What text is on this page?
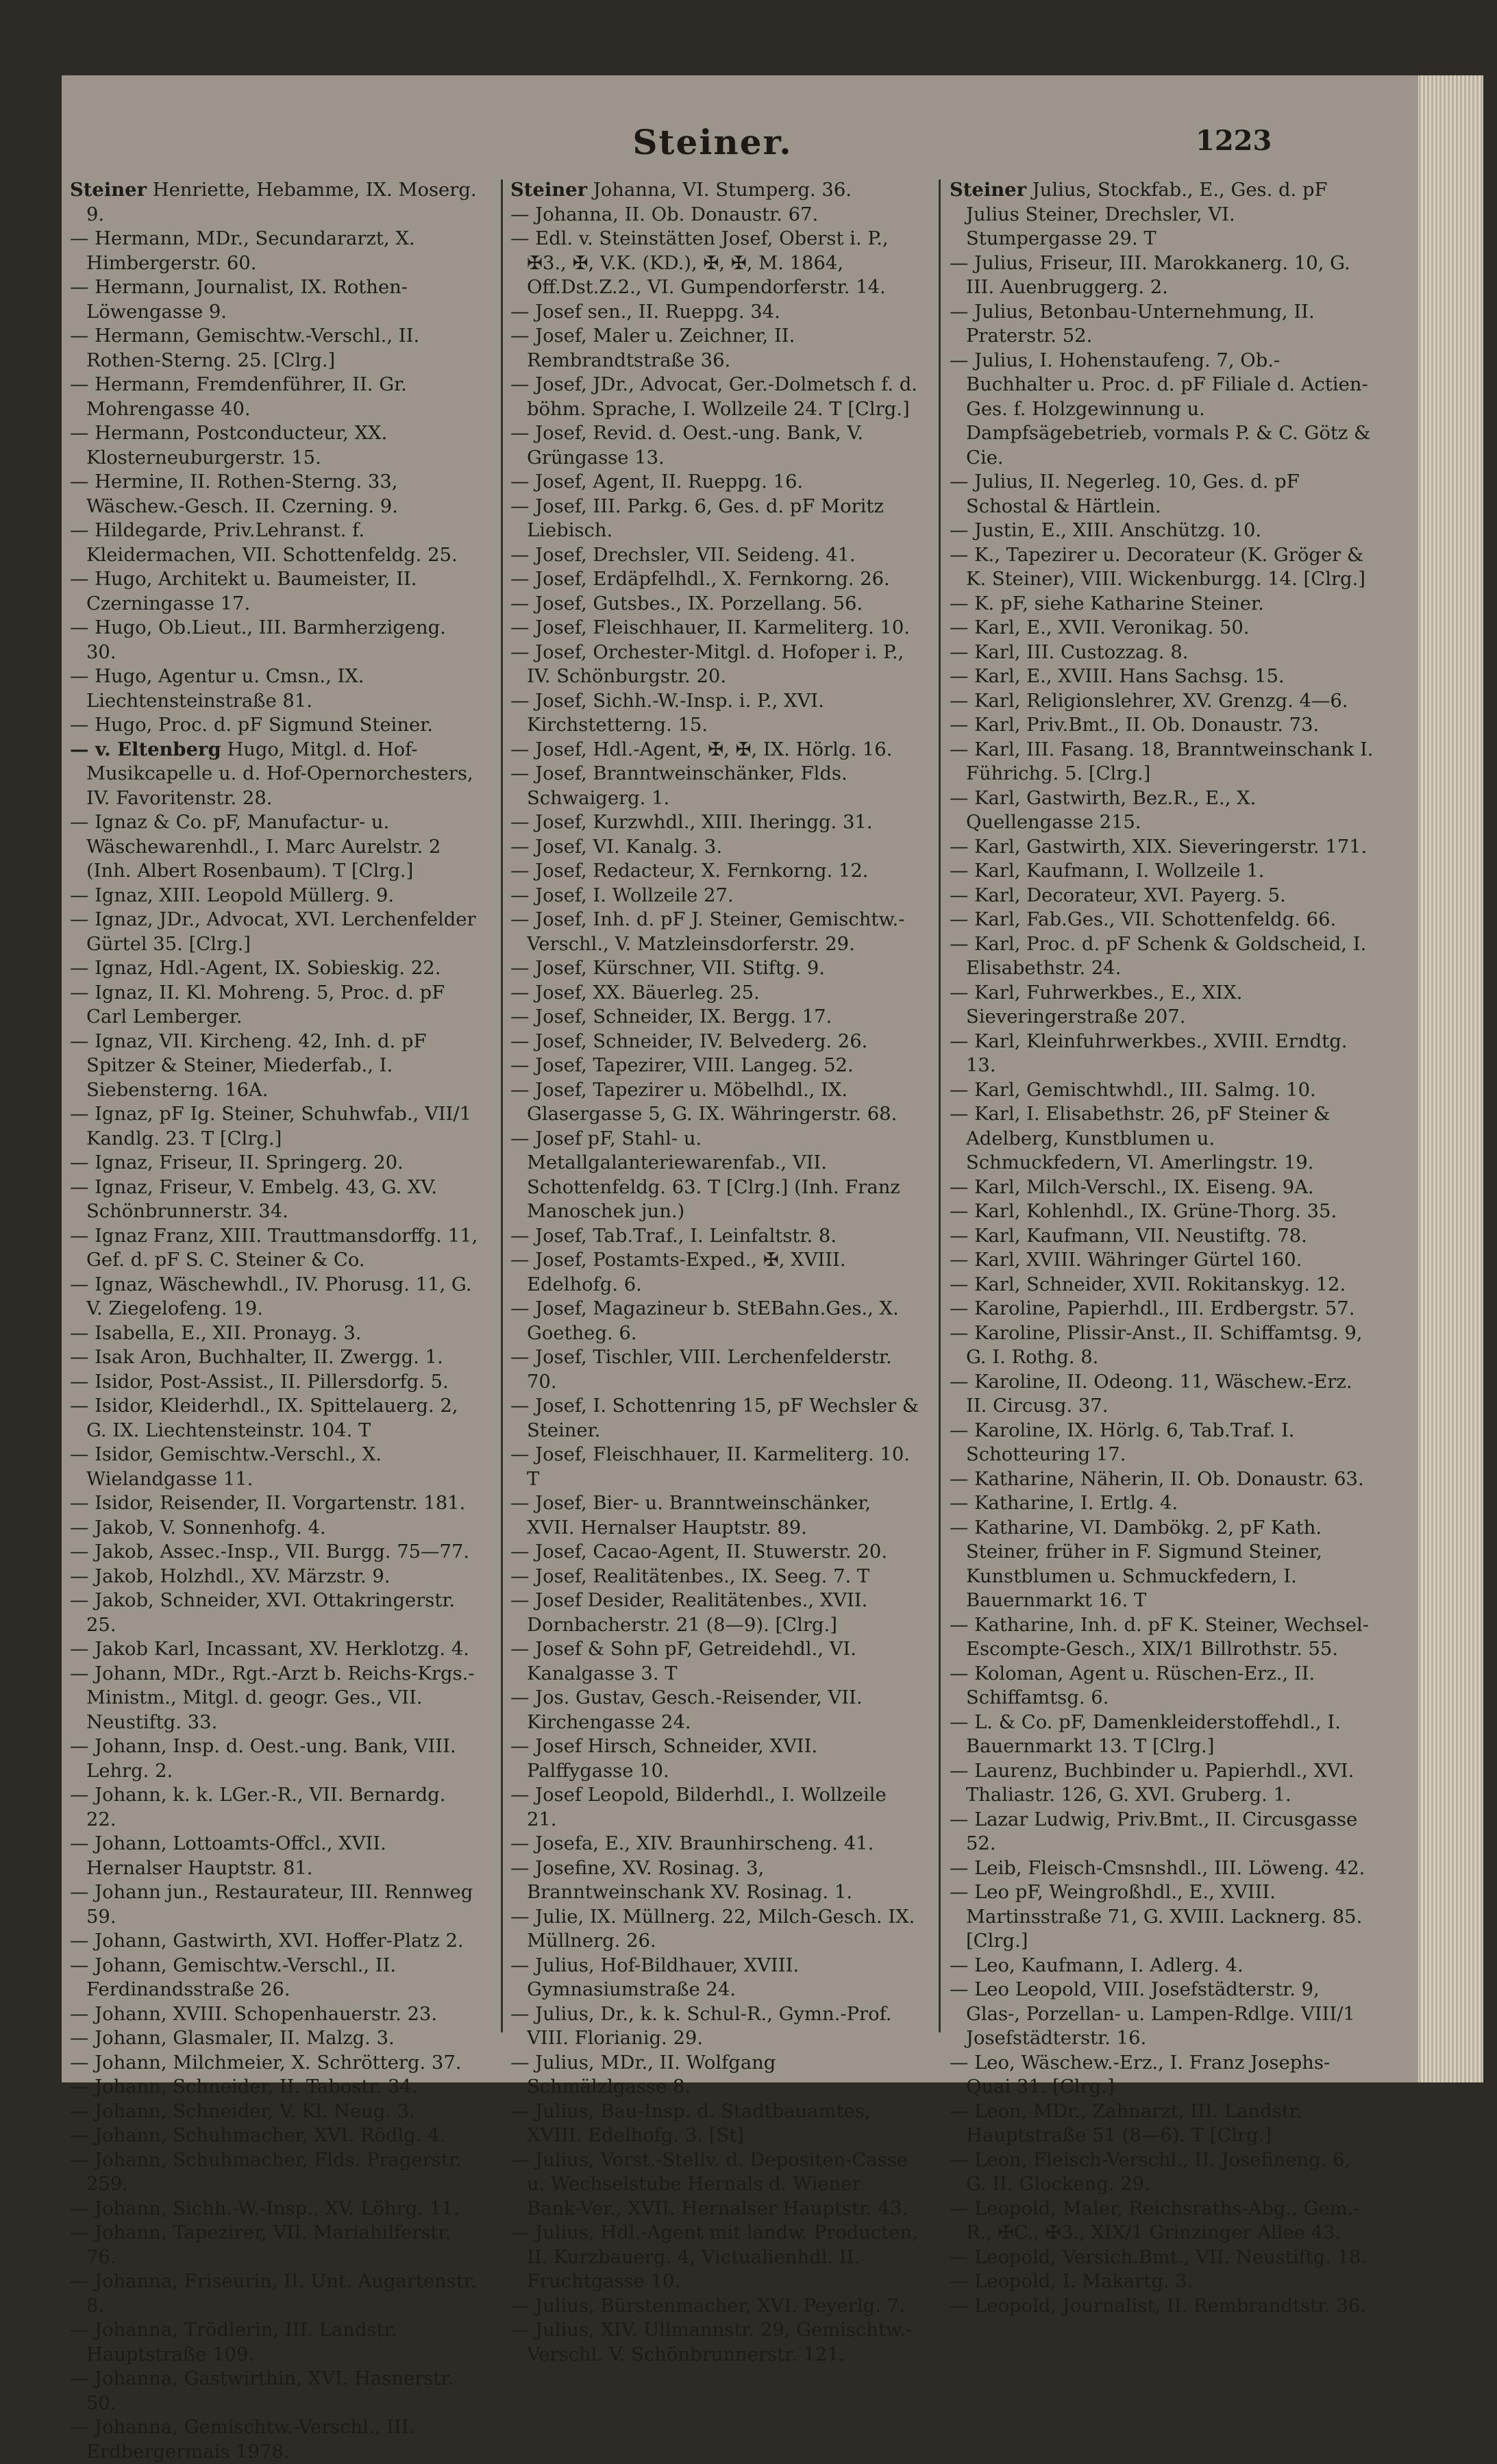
Steiner.	1223

Steiner Henriette, Hebamme, IX. Moserg. 9.

— Hermann, MDr., Secundararzt, X. Himbergerstr. 60.

— Hermann, Journalist, IX. Rothen-Löwengasse 9.

— Hermann, Gemischtw.-Verschl., II. Rothen-Sterng. 25. [Clrg.]

— Hermann, Fremdenführer, II. Gr. Mohrengasse 40.

— Hermann, Postconducteur, XX. Klosterneuburgerstr. 15.

— Hermine, II. Rothen-Sterng. 33, Wäschew.-Gesch. II. Czerning. 9.

— Hildegarde, Priv.Lehranst. f. Kleidermachen, VII. Schottenfeldg. 25.

— Hugo, Architekt u. Baumeister, II. Czerningasse 17.

— Hugo, Ob.Lieut., III. Barmherzigeng. 30.

— Hugo, Agentur u. Cmsn., IX. Liechtensteinstraße 81.

— Hugo, Proc. d. pF Sigmund Steiner.

— v. Eltenberg Hugo, Mitgl. d. Hof-Musikcapelle u. d. Hof-Opernorchesters, IV. Favoritenstr. 28.

— Ignaz & Co. pF, Manufactur- u. Wäschewarenhdl., I. Marc Aurelstr. 2 (Inh. Albert Rosenbaum). T [Clrg.]

— Ignaz, XIII. Leopold Müllerg. 9.

— Ignaz, JDr., Advocat, XVI. Lerchenfelder Gürtel 35. [Clrg.]

— Ignaz, Hdl.-Agent, IX. Sobieskig. 22.

— Ignaz, II. Kl. Mohreng. 5, Proc. d. pF Carl Lemberger.

— Ignaz, VII. Kircheng. 42, Inh. d. pF Spitzer & Steiner, Miederfab., I. Siebensterng. 16A.

— Ignaz, pF Ig. Steiner, Schuhwfab., VII/1 Kandlg. 23. T [Clrg.]

— Ignaz, Friseur, II. Springerg. 20.

— Ignaz, Friseur, V. Embelg. 43, G. XV. Schönbrunnerstr. 34.

— Ignaz Franz, XIII. Trauttmansdorffg. 11, Gef. d. pF S. C. Steiner & Co.

— Ignaz, Wäschewhdl., IV. Phorusg. 11, G. V. Ziegelofeng. 19.

— Isabella, E., XII. Pronayg. 3.

— Isak Aron, Buchhalter, II. Zwergg. 1.

— Isidor, Post-Assist., II. Pillersdorfg. 5.

— Isidor, Kleiderhdl., IX. Spittelauerg. 2, G. IX. Liechtensteinstr. 104. T

— Isidor, Gemischtw.-Verschl., X. Wielandgasse 11.

— Isidor, Reisender, II. Vorgartenstr. 181.

— Jakob, V. Sonnenhofg. 4.

— Jakob, Assec.-Insp., VII. Burgg. 75—77.

— Jakob, Holzhdl., XV. Märzstr. 9.

— Jakob, Schneider, XVI. Ottakringerstr. 25.

— Jakob Karl, Incassant, XV. Herklotzg. 4.

— Johann, MDr., Rgt.-Arzt b. Reichs-Krgs.-Ministm., Mitgl. d. geogr. Ges., VII. Neustiftg. 33.

— Johann, Insp. d. Oest.-ung. Bank, VIII. Lehrg. 2.

— Johann, k. k. LGer.-R., VII. Bernardg. 22.

— Johann, Lottoamts-Offcl., XVII. Hernalser Hauptstr. 81.

— Johann jun., Restaurateur, III. Rennweg 59.

— Johann, Gastwirth, XVI. Hoffer-Platz 2.

— Johann, Gemischtw.-Verschl., II. Ferdinandsstraße 26.

— Johann, XVIII. Schopenhauerstr. 23.

— Johann, Glasmaler, II. Malzg. 3.

— Johann, Milchmeier, X. Schrötterg. 37.

— Johann, Schneider, II. Tabostr. 34.

— Johann, Schneider, V. Kl. Neug. 3.

— Johann, Schuhmacher, XVI. Rödlg. 4.

— Johann, Schuhmacher, Flds. Pragerstr. 259.

— Johann, Sichh.-W.-Insp., XV. Löhrg. 11.

— Johann, Tapezirer, VII. Mariahilferstr. 76.

— Johanna, Friseurin, II. Unt. Augartenstr. 8.

— Johanna, Trödlerin, III. Landstr. Hauptstraße 109.

— Johanna, Gastwirthin, XVI. Hasnerstr. 50.

— Johanna, Gemischtw.-Verschl., III. Erdbergermais 1978.

Steiner Johanna, VI. Stumperg. 36.

— Johanna, II. Ob. Donaustr. 67.

— Edl. v. Steinstätten Josef, Oberst i. P., ✠3., ✠, V.K. (KD.), ✠, ✠, M. 1864, Off.Dst.Z.2., VI. Gumpendorferstr. 14.

— Josef sen., II. Rueppg. 34.

— Josef, Maler u. Zeichner, II. Rembrandtstraße 36.

— Josef, JDr., Advocat, Ger.-Dolmetsch f. d. böhm. Sprache, I. Wollzeile 24. T [Clrg.]

— Josef, Revid. d. Oest.-ung. Bank, V. Grüngasse 13.

— Josef, Agent, II. Rueppg. 16.

— Josef, III. Parkg. 6, Ges. d. pF Moritz Liebisch.

— Josef, Drechsler, VII. Seideng. 41.

— Josef, Erdäpfelhdl., X. Fernkorng. 26.

— Josef, Gutsbes., IX. Porzellang. 56.

— Josef, Fleischhauer, II. Karmeliterg. 10.

— Josef, Orchester-Mitgl. d. Hofoper i. P., IV. Schönburgstr. 20.

— Josef, Sichh.-W.-Insp. i. P., XVI. Kirchstetterng. 15.

— Josef, Hdl.-Agent, ✠, ✠, IX. Hörlg. 16.

— Josef, Branntweinschänker, Flds. Schwaigerg. 1.

— Josef, Kurzwhdl., XIII. Iheringg. 31.

— Josef, VI. Kanalg. 3.

— Josef, Redacteur, X. Fernkorng. 12.

— Josef, I. Wollzeile 27.

— Josef, Inh. d. pF J. Steiner, Gemischtw.-Verschl., V. Matzleinsdorferstr. 29.

— Josef, Kürschner, VII. Stiftg. 9.

— Josef, XX. Bäuerleg. 25.

— Josef, Schneider, IX. Bergg. 17.

— Josef, Schneider, IV. Belvederg. 26.

— Josef, Tapezirer, VIII. Langeg. 52.

— Josef, Tapezirer u. Möbelhdl., IX. Glasergasse 5, G. IX. Währingerstr. 68.

— Josef pF, Stahl- u. Metallgalanteriewarenfab., VII. Schottenfeldg. 63. T [Clrg.] (Inh. Franz Manoschek jun.)

— Josef, Tab.Traf., I. Leinfaltstr. 8.

— Josef, Postamts-Exped., ✠, XVIII. Edelhofg. 6.

— Josef, Magazineur b. StEBahn.Ges., X. Goetheg. 6.

— Josef, Tischler, VIII. Lerchenfelderstr. 70.

— Josef, I. Schottenring 15, pF Wechsler & Steiner.

— Josef, Fleischhauer, II. Karmeliterg. 10. T

— Josef, Bier- u. Branntweinschänker, XVII. Hernalser Hauptstr. 89.

— Josef, Cacao-Agent, II. Stuwerstr. 20.

— Josef, Realitätenbes., IX. Seeg. 7. T

— Josef Desider, Realitätenbes., XVII. Dornbacherstr. 21 (8—9). [Clrg.]

— Josef & Sohn pF, Getreidehdl., VI. Kanalgasse 3. T

— Jos. Gustav, Gesch.-Reisender, VII. Kirchengasse 24.

— Josef Hirsch, Schneider, XVII. Palffygasse 10.

— Josef Leopold, Bilderhdl., I. Wollzeile 21.

— Josefa, E., XIV. Braunhirscheng. 41.

— Josefine, XV. Rosinag. 3, Branntweinschank XV. Rosinag. 1.

— Julie, IX. Müllnerg. 22, Milch-Gesch. IX. Müllnerg. 26.

— Julius, Hof-Bildhauer, XVIII. Gymnasiumstraße 24.

— Julius, Dr., k. k. Schul-R., Gymn.-Prof. VIII. Florianig. 29.

— Julius, MDr., II. Wolfgang Schmälzlgasse 8.

— Julius, Bau-Insp. d. Stadtbauamtes, XVIII. Edelhofg. 3. [St]

— Julius, Vorst.-Stellv. d. Depositen-Casse u. Wechselstube Hernals d. Wiener Bank-Ver., XVII. Hernalser Hauptstr. 43.

— Julius, Hdl.-Agent mit landw. Producten, II. Kurzbauerg. 4, Victualienhdl. II. Fruchtgasse 10.

— Julius, Bürstenmacher, XVI. Peyerlg. 7.

— Julius, XIV. Ullmannstr. 29, Gemischtw.-Verschl. V. Schönbrunnerstr. 121.

Steiner Julius, Stockfab., E., Ges. d. pF Julius Steiner, Drechsler, VI. Stumpergasse 29. T

— Julius, Friseur, III. Marokkanerg. 10, G. III. Auenbruggerg. 2.

— Julius, Betonbau-Unternehmung, II. Praterstr. 52.

— Julius, I. Hohenstaufeng. 7, Ob.-Buchhalter u. Proc. d. pF Filiale d. Actien-Ges. f. Holzgewinnung u. Dampfsägebetrieb, vormals P. & C. Götz & Cie.

— Julius, II. Negerleg. 10, Ges. d. pF Schostal & Härtlein.

— Justin, E., XIII. Anschützg. 10.

— K., Tapezirer u. Decorateur (K. Gröger & K. Steiner), VIII. Wickenburgg. 14. [Clrg.]

— K. pF, siehe Katharine Steiner.

— Karl, E., XVII. Veronikag. 50.

— Karl, III. Custozzag. 8.

— Karl, E., XVIII. Hans Sachsg. 15.

— Karl, Religionslehrer, XV. Grenzg. 4—6.

— Karl, Priv.Bmt., II. Ob. Donaustr. 73.

— Karl, III. Fasang. 18, Branntweinschank I. Führichg. 5. [Clrg.]

— Karl, Gastwirth, Bez.R., E., X. Quellengasse 215.

— Karl, Gastwirth, XIX. Sieveringerstr. 171.

— Karl, Kaufmann, I. Wollzeile 1.

— Karl, Decorateur, XVI. Payerg. 5.

— Karl, Fab.Ges., VII. Schottenfeldg. 66.

— Karl, Proc. d. pF Schenk & Goldscheid, I. Elisabethstr. 24.

— Karl, Fuhrwerkbes., E., XIX. Sieveringerstraße 207.

— Karl, Kleinfuhrwerkbes., XVIII. Erndtg. 13.

— Karl, Gemischtwhdl., III. Salmg. 10.

— Karl, I. Elisabethstr. 26, pF Steiner & Adelberg, Kunstblumen u. Schmuckfedern, VI. Amerlingstr. 19.

— Karl, Milch-Verschl., IX. Eiseng. 9A.

— Karl, Kohlenhdl., IX. Grüne-Thorg. 35.

— Karl, Kaufmann, VII. Neustiftg. 78.

— Karl, XVIII. Währinger Gürtel 160.

— Karl, Schneider, XVII. Rokitanskyg. 12.

— Karoline, Papierhdl., III. Erdbergstr. 57.

— Karoline, Plissir-Anst., II. Schiffamtsg. 9, G. I. Rothg. 8.

— Karoline, II. Odeong. 11, Wäschew.-Erz. II. Circusg. 37.

— Karoline, IX. Hörlg. 6, Tab.Traf. I. Schotteuring 17.

— Katharine, Näherin, II. Ob. Donaustr. 63.

— Katharine, I. Ertlg. 4.

— Katharine, VI. Dambökg. 2, pF Kath. Steiner, früher in F. Sigmund Steiner, Kunstblumen u. Schmuckfedern, I. Bauernmarkt 16. T

— Katharine, Inh. d. pF K. Steiner, Wechsel-Escompte-Gesch., XIX/1 Billrothstr. 55.

— Koloman, Agent u. Rüschen-Erz., II. Schiffamtsg. 6.

— L. & Co. pF, Damenkleiderstoffehdl., I. Bauernmarkt 13. T [Clrg.]

— Laurenz, Buchbinder u. Papierhdl., XVI. Thaliastr. 126, G. XVI. Gruberg. 1.

— Lazar Ludwig, Priv.Bmt., II. Circusgasse 52.

— Leib, Fleisch-Cmsnshdl., III. Löweng. 42.

— Leo pF, Weingroßhdl., E., XVIII. Martinsstraße 71, G. XVIII. Lacknerg. 85. [Clrg.]

— Leo, Kaufmann, I. Adlerg. 4.

— Leo Leopold, VIII. Josefstädterstr. 9, Glas-, Porzellan- u. Lampen-Rdlge. VIII/1 Josefstädterstr. 16.

— Leo, Wäschew.-Erz., I. Franz Josephs-Quai 31. [Clrg.]

— Leon, MDr., Zahnarzt, III. Landstr. Hauptstraße 51 (8—6). T [Clrg.]

— Leon, Fleisch-Verschl., II. Josefineng. 6, G. II. Glockeng. 29.

— Leopold, Maler, Reichsraths-Abg., Gem.-R., ✠C., ✠3., XIX/1 Grinzinger Allee 43.

— Leopold, Versich.Bmt., VII. Neustiftg. 18.

— Leopold, I. Makartg. 3.

— Leopold, Journalist, II. Rembrandtstr. 36.
